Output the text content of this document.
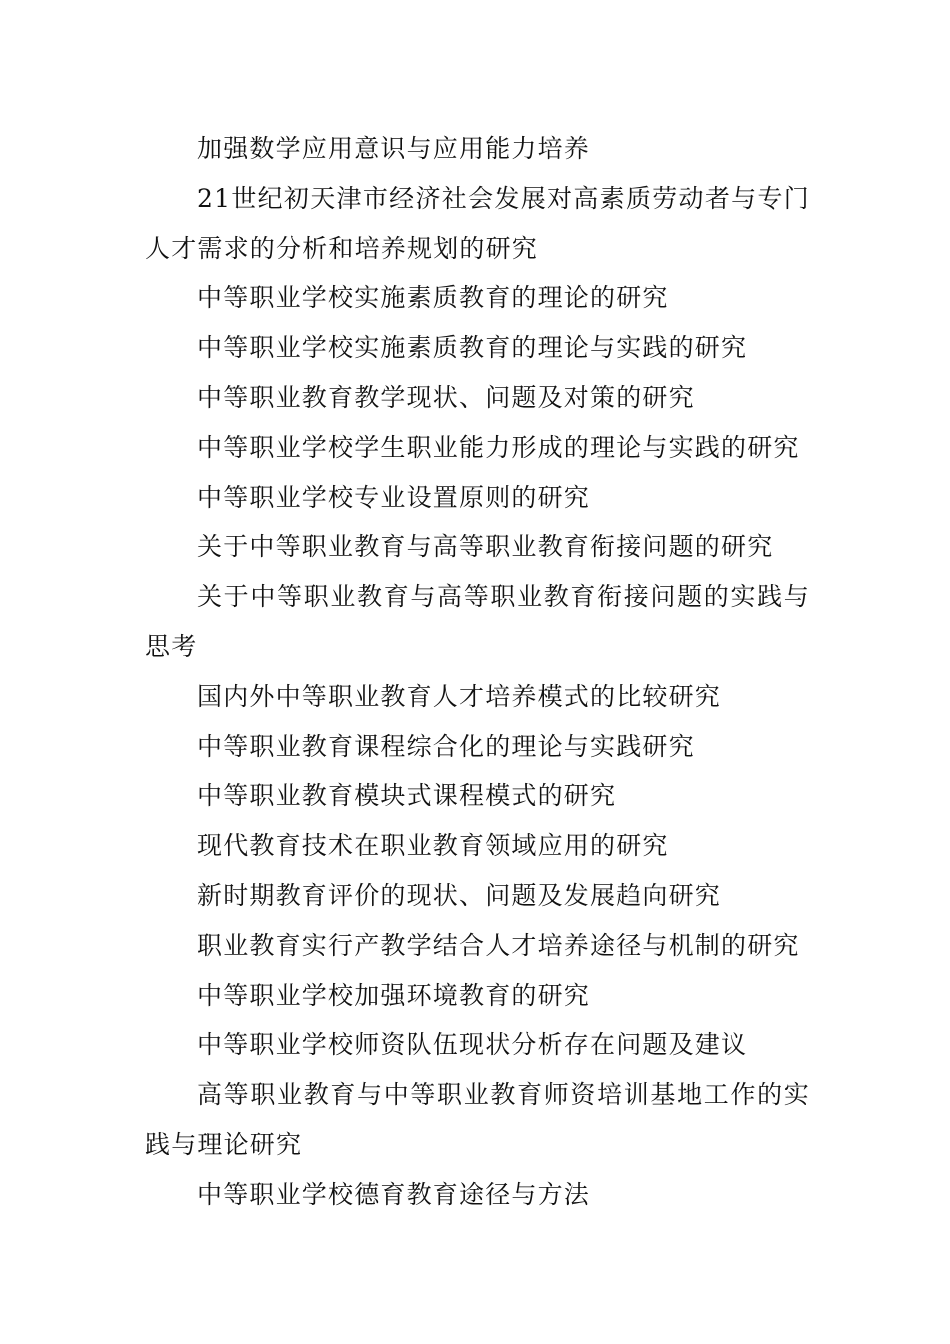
加强数学应用意识与应用能力培养

21世纪初天津市经济社会发展对高素质劳动者与专门人才需求的分析和培养规划的研究

中等职业学校实施素质教育的理论的研究

中等职业学校实施素质教育的理论与实践的研究

中等职业教育教学现状、问题及对策的研究

中等职业学校学生职业能力形成的理论与实践的研究

中等职业学校专业设置原则的研究

关于中等职业教育与高等职业教育衔接问题的研究

关于中等职业教育与高等职业教育衔接问题的实践与思考

国内外中等职业教育人才培养模式的比较研究

中等职业教育课程综合化的理论与实践研究

中等职业教育模块式课程模式的研究

现代教育技术在职业教育领域应用的研究

新时期教育评价的现状、问题及发展趋向研究

职业教育实行产教学结合人才培养途径与机制的研究

中等职业学校加强环境教育的研究

中等职业学校师资队伍现状分析存在问题及建议

高等职业教育与中等职业教育师资培训基地工作的实践与理论研究

中等职业学校德育教育途径与方法
